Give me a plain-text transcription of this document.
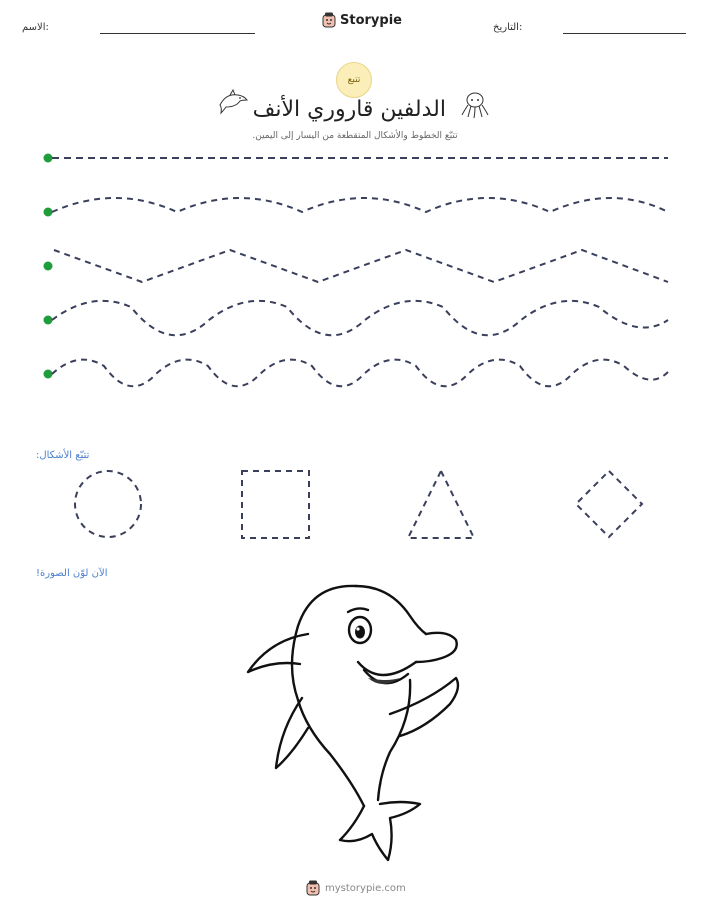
الاسم:	Storypie	التاريخ:
تتبع
الدلفين قاروري الأنف
تتبّع الخطوط والأشكال المتقطعة من اليسار إلى اليمين.
تتبّع الأشكال:
الآن لوّن الصورة!
mystorypie.com
